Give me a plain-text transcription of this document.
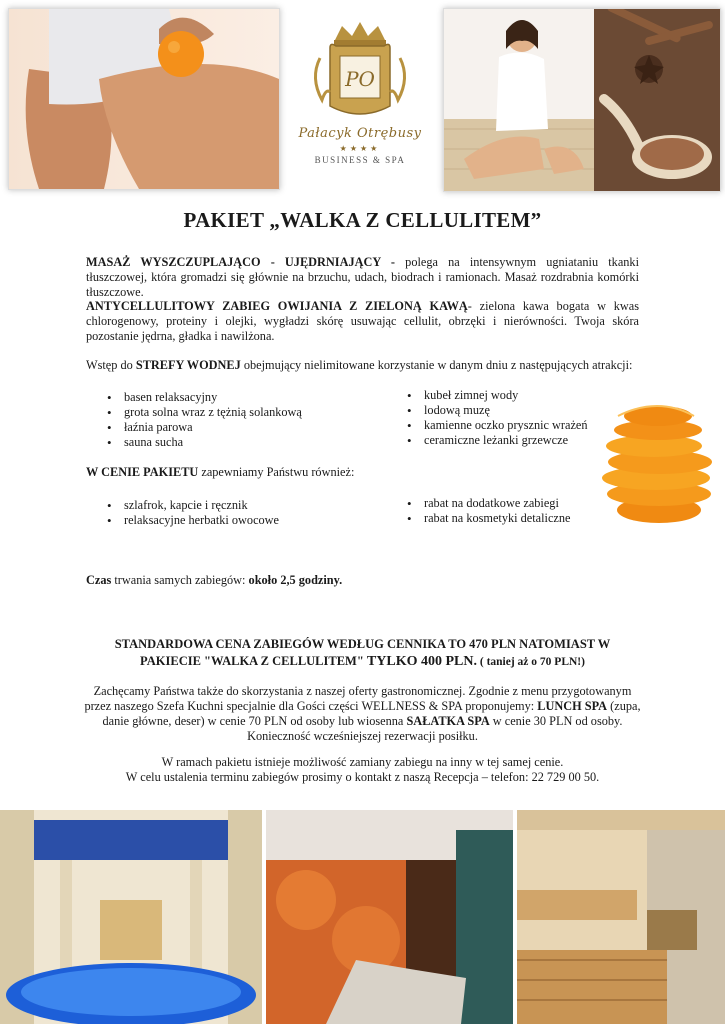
PO
Pałacyk Otrębusy
★★★★
BUSINESS & SPA
PAKIET „WALKA Z CELLULITEM”

MASAŻ WYSZCZUPLAJĄCO - UJĘDRNIAJĄCY - polega na intensywnym ugniataniu tkanki tłuszczowej, która gromadzi się głównie na brzuchu, udach, biodrach i ramionach. Masaż rozdrabnia komórki tłuszczowe.

ANTYCELLULITOWY ZABIEG OWIJANIA Z ZIELONĄ KAWĄ- zielona kawa bogata w kwas chlorogenowy, proteiny i olejki, wygładzi skórę usuwając cellulit, obrzęki i nierówności. Twoja skóra pozostanie jędrna, gładka i nawilżona.

Wstęp do STREFY WODNEJ obejmujący nielimitowane korzystanie w danym dniu z następujących atrakcji:

• basen relaksacyjny
• grota solna wraz z tężnią solankową
• łaźnia parowa
• sauna sucha
• kubeł zimnej wody
• lodową muzę
• kamienne oczko prysznic wrażeń
• ceramiczne leżanki grzewcze

W CENIE PAKIETU zapewniamy Państwu również:

• szlafrok, kapcie i ręcznik
• relaksacyjne herbatki owocowe
• rabat na dodatkowe zabiegi
• rabat na kosmetyki detaliczne

Czas trwania samych zabiegów: około 2,5 godziny.

STANDARDOWA CENA ZABIEGÓW WEDŁUG CENNIKA TO 470 PLN NATOMIAST W
PAKIECIE "WALKA Z CELLULITEM" TYLKO 400 PLN. ( taniej aż o 70 PLN!)

Zachęcamy Państwa także do skorzystania z naszej oferty gastronomicznej. Zgodnie z menu przygotowanym przez naszego Szefa Kuchni specjalnie dla Gości części WELLNESS & SPA proponujemy: LUNCH SPA (zupa, danie główne, deser) w cenie 70 PLN od osoby lub wiosenna SAŁATKA SPA w cenie 30 PLN od osoby. Konieczność wcześniejszej rezerwacji posiłku.

W ramach pakietu istnieje możliwość zamiany zabiegu na inny w tej samej cenie.
W celu ustalenia terminu zabiegów prosimy o kontakt z naszą Recepcja – telefon: 22 729 00 50.
